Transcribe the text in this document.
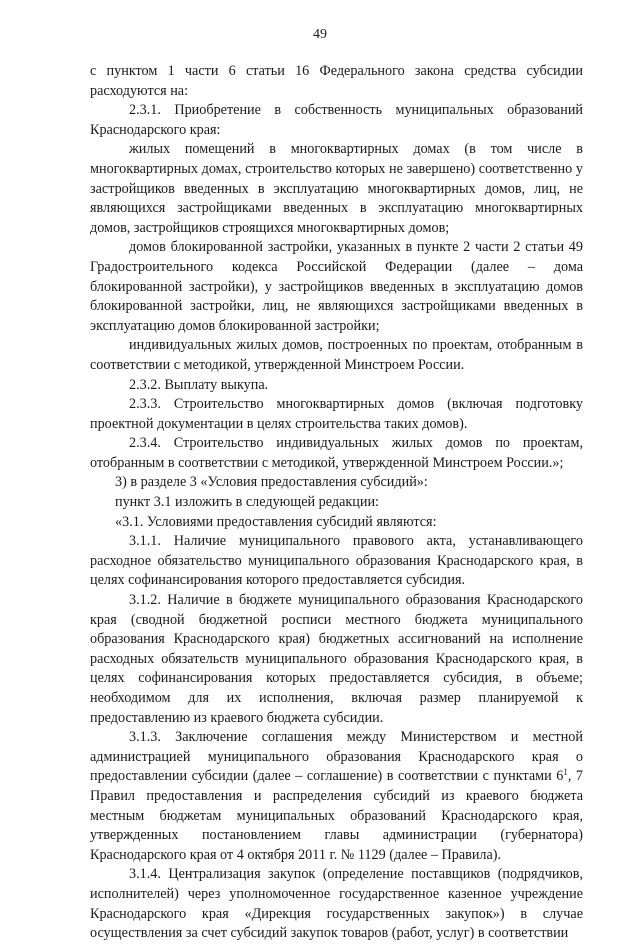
49

с пунктом 1 части 6 статьи 16 Федерального закона средства субсидии расходуются на:

2.3.1. Приобретение в собственность муниципальных образований Краснодарского края:

жилых помещений в многоквартирных домах (в том числе в многоквартирных домах, строительство которых не завершено) соответственно у застройщиков введенных в эксплуатацию многоквартирных домов, лиц, не являющихся застройщиками введенных в эксплуатацию многоквартирных домов, застройщиков строящихся многоквартирных домов;

домов блокированной застройки, указанных в пункте 2 части 2 статьи 49 Градостроительного кодекса Российской Федерации (далее – дома блокированной застройки), у застройщиков введенных в эксплуатацию домов блокированной застройки, лиц, не являющихся застройщиками введенных в эксплуатацию домов блокированной застройки;

индивидуальных жилых домов, построенных по проектам, отобранным в соответствии с методикой, утвержденной Минстроем России.

2.3.2. Выплату выкупа.

2.3.3. Строительство многоквартирных домов (включая подготовку проектной документации в целях строительства таких домов).

2.3.4. Строительство индивидуальных жилых домов по проектам, отобранным в соответствии с методикой, утвержденной Минстроем России.»;

3) в разделе 3 «Условия предоставления субсидий»:

пункт 3.1 изложить в следующей редакции:

«3.1. Условиями предоставления субсидий являются:

3.1.1. Наличие муниципального правового акта, устанавливающего расходное обязательство муниципального образования Краснодарского края, в целях софинансирования которого предоставляется субсидия.

3.1.2. Наличие в бюджете муниципального образования Краснодарского края (сводной бюджетной росписи местного бюджета муниципального образования Краснодарского края) бюджетных ассигнований на исполнение расходных обязательств муниципального образования Краснодарского края, в целях софинансирования которых предоставляется субсидия, в объеме; необходимом для их исполнения, включая размер планируемой к предоставлению из краевого бюджета субсидии.

3.1.3. Заключение соглашения между Министерством и местной администрацией муниципального образования Краснодарского края о предоставлении субсидии (далее – соглашение) в соответствии с пунктами $6^1$, 7 Правил предоставления и распределения субсидий из краевого бюджета местным бюджетам муниципальных образований Краснодарского края, утвержденных постановлением главы администрации (губернатора) Краснодарского края от 4 октября 2011 г. № 1129 (далее – Правила).

3.1.4. Централизация закупок (определение поставщиков (подрядчиков, исполнителей) через уполномоченное государственное казенное учреждение Краснодарского края «Дирекция государственных закупок») в случае осуществления за счет субсидий закупок товаров (работ, услуг) в соответствии
